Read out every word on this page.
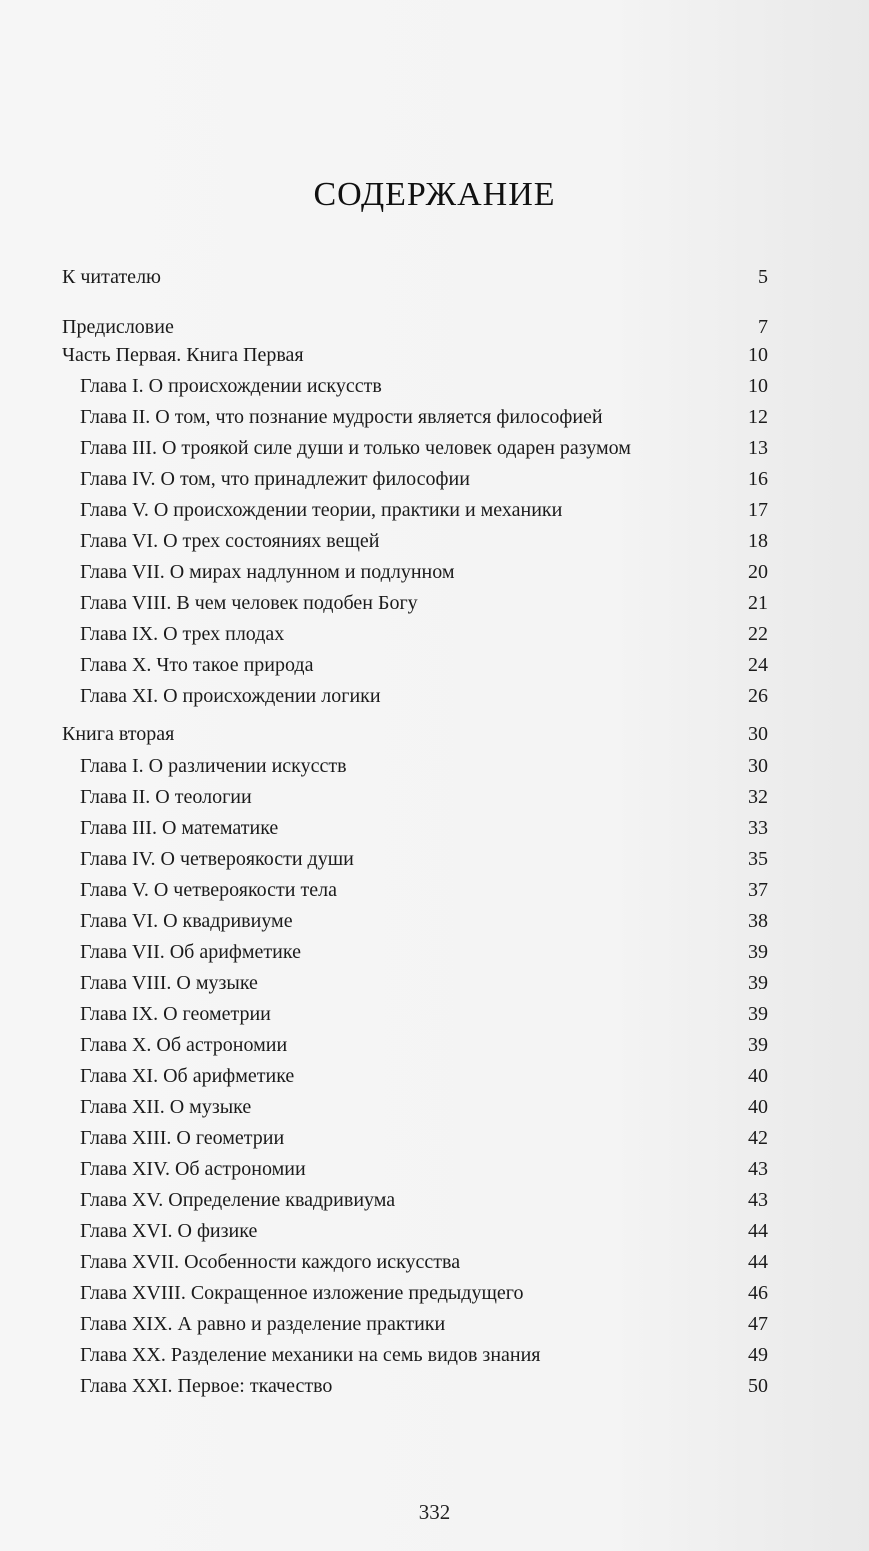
СОДЕРЖАНИЕ
К читателю	5
Предисловие	7
Часть Первая. Книга Первая	10
Глава I. О происхождении искусств	10
Глава II. О том, что познание мудрости является философией	12
Глава III. О троякой силе души и только человек одарен разумом	13
Глава IV. О том, что принадлежит философии	16
Глава V. О происхождении теории, практики и механики	17
Глава VI. О трех состояниях вещей	18
Глава VII. О мирах надлунном и подлунном	20
Глава VIII. В чем человек подобен Богу	21
Глава IX. О трех плодах	22
Глава X. Что такое природа	24
Глава XI. О происхождении логики	26
Книга вторая	30
Глава I. О различении искусств	30
Глава II. О теологии	32
Глава III. О математике	33
Глава IV. О четверoякости души	35
Глава V. О четвероякости тела	37
Глава VI. О квадривиуме	38
Глава VII. Об арифметике	39
Глава VIII. О музыке	39
Глава IX. О геометрии	39
Глава X. Об астрономии	39
Глава XI. Об арифметике	40
Глава XII. О музыке	40
Глава XIII. О геометрии	42
Глава XIV. Об астрономии	43
Глава XV. Определение квадривиума	43
Глава XVI. О физике	44
Глава XVII. Особенности каждого искусства	44
Глава XVIII. Сокращенное изложение предыдущего	46
Глава XIX. А равно и разделение практики	47
Глава XX. Разделение механики на семь видов знания	49
Глава XXI. Первое: ткачество	50
332
